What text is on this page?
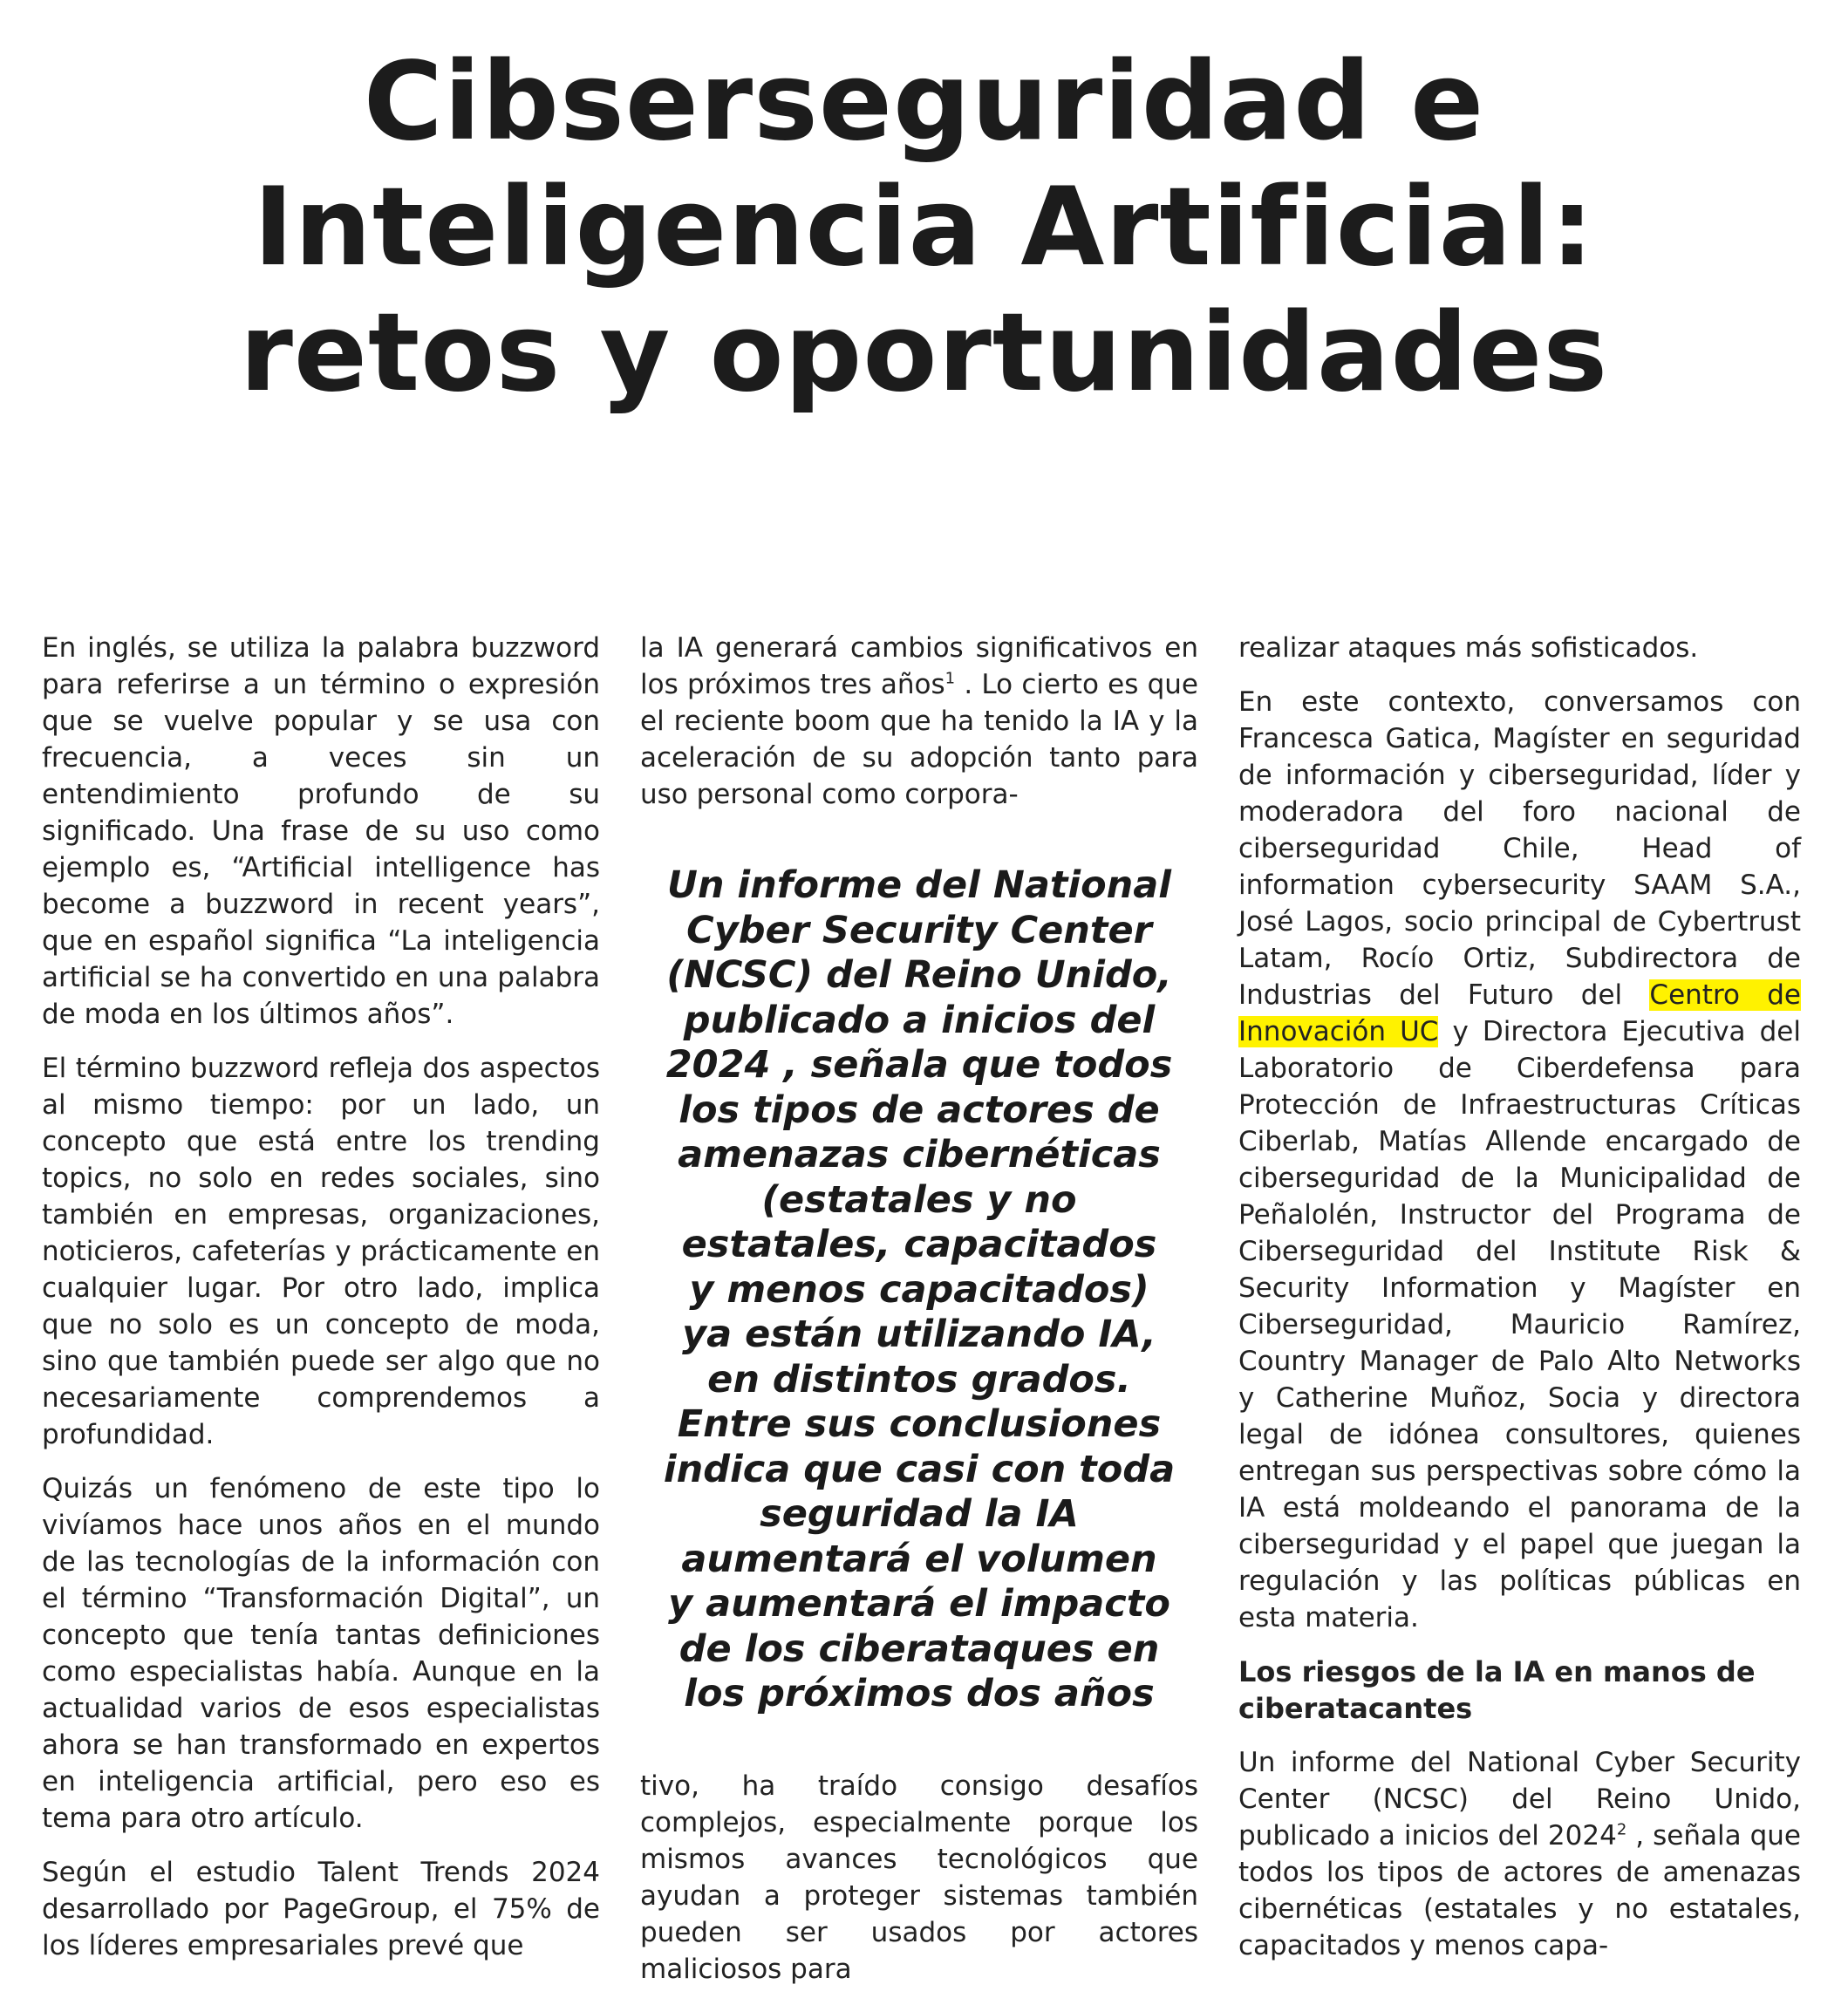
Cibserseguridad e
Inteligencia Artificial:
retos y oportunidades

En inglés, se utiliza la palabra buzzword para referirse a un término o expresión que se vuelve popular y se usa con frecuencia, a veces sin un entendimiento profundo de su significado. Una frase de su uso como ejemplo es, “Artificial intelligence has become a buzzword in recent years”, que en español significa “La inteligencia artificial se ha convertido en una palabra de moda en los últimos años”.

El término buzzword refleja dos aspectos al mismo tiempo: por un lado, un concepto que está entre los trending topics, no solo en redes sociales, sino también en empresas, organizaciones, noticieros, cafeterías y prácticamente en cualquier lugar. Por otro lado, implica que no solo es un concepto de moda, sino que también puede ser algo que no necesariamente comprendemos a profundidad.

Quizás un fenómeno de este tipo lo vivíamos hace unos años en el mundo de las tecnologías de la información con el término “Transformación Digital”, un concepto que tenía tantas definiciones como especialistas había. Aunque en la actualidad varios de esos especialistas ahora se han transformado en expertos en inteligencia artificial, pero eso es tema para otro artículo.

Según el estudio Talent Trends 2024 desarrollado por PageGroup, el 75% de los líderes empresariales prevé que

la IA generará cambios significativos en los próximos tres años$^1$ . Lo cierto es que el reciente boom que ha tenido la IA y la aceleración de su adopción tanto para uso personal como corpora-

Un informe del National
Cyber Security Center
(NCSC) del Reino Unido,
publicado a inicios del
2024 , señala que todos
los tipos de actores de
amenazas cibernéticas
(estatales y no
estatales, capacitados
y menos capacitados)
ya están utilizando IA,
en distintos grados.
Entre sus conclusiones
indica que casi con toda
seguridad la IA
aumentará el volumen
y aumentará el impacto
de los ciberataques en
los próximos dos años

tivo, ha traído consigo desafíos complejos, especialmente porque los mismos avances tecnológicos que ayudan a proteger sistemas también pueden ser usados por actores maliciosos para

realizar ataques más sofisticados.

En este contexto, conversamos con Francesca Gatica, Magíster en seguridad de información y ciberseguridad, líder y moderadora del foro nacional de ciberseguridad Chile, Head of information cybersecurity SAAM S.A., José Lagos, socio principal de Cybertrust Latam, Rocío Ortiz, Subdirectora de Industrias del Futuro del Centro de Innovación UC y Directora Ejecutiva del Laboratorio de Ciberdefensa para Protección de Infraestructuras Críticas Ciberlab, Matías Allende encargado de ciberseguridad de la Municipalidad de Peñalolén, Instructor del Programa de Ciberseguridad del Institute Risk & Security Information y Magíster en Ciberseguridad, Mauricio Ramírez, Country Manager de Palo Alto Networks y Catherine Muñoz, Socia y directora legal de idónea consultores, quienes entregan sus perspectivas sobre cómo la IA está moldeando el panorama de la ciberseguridad y el papel que juegan la regulación y las políticas públicas en esta materia.

Los riesgos de la IA en manos de ciberatacantes

Un informe del National Cyber Security Center (NCSC) del Reino Unido, publicado a inicios del 2024$^2$ , señala que todos los tipos de actores de amenazas cibernéticas (estatales y no estatales, capacitados y menos capa-
